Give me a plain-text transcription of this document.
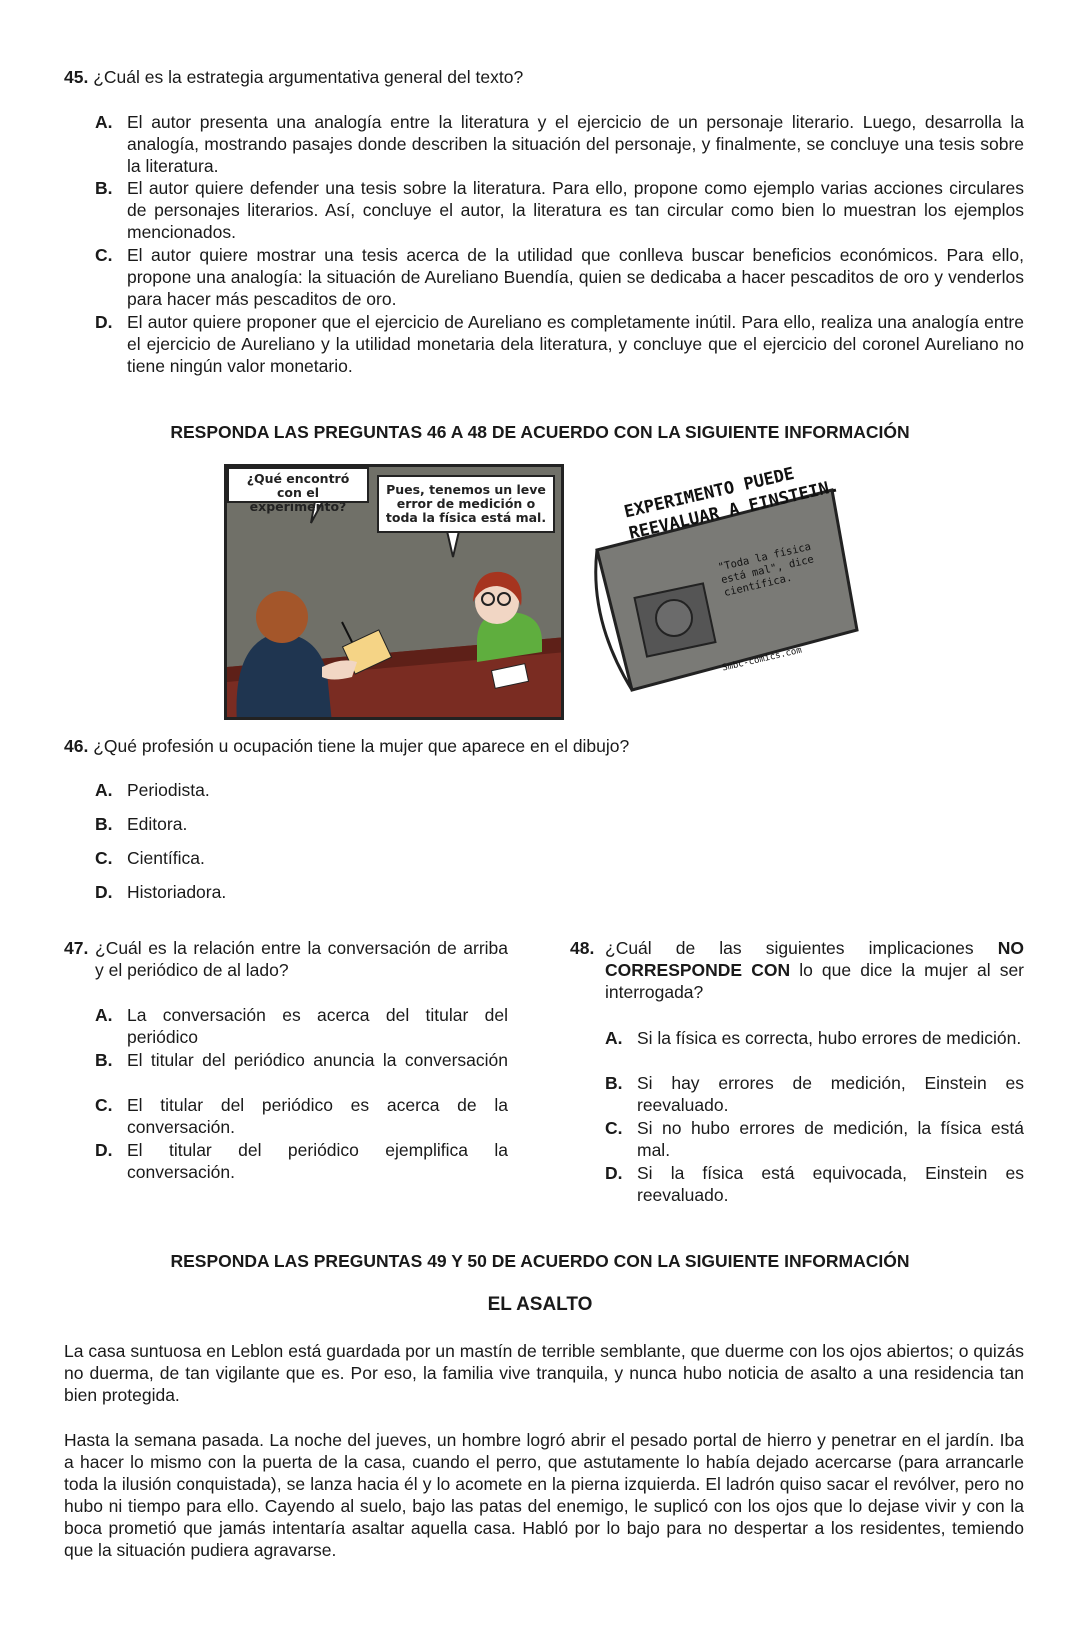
45. ¿Cuál es la estrategia argumentativa general del texto?
A. El autor presenta una analogía entre la literatura y el ejercicio de un personaje literario. Luego, desarrolla la analogía, mostrando pasajes donde describen la situación del personaje, y finalmente, se concluye una tesis sobre la literatura.
B. El autor quiere defender una tesis sobre la literatura. Para ello, propone como ejemplo varias acciones circulares de personajes literarios. Así, concluye el autor, la literatura es tan circular como bien lo muestran los ejemplos mencionados.
C. El autor quiere mostrar una tesis acerca de la utilidad que conlleva buscar beneficios económicos. Para ello, propone una analogía: la situación de Aureliano Buendía, quien se dedicaba a hacer pescaditos de oro y venderlos para hacer más pescaditos de oro.
D. El autor quiere proponer que el ejercicio de Aureliano es completamente inútil. Para ello, realiza una analogía entre el ejercicio de Aureliano y la utilidad monetaria dela literatura, y concluye que el ejercicio del coronel Aureliano no tiene ningún valor monetario.
RESPONDA LAS PREGUNTAS 46 A 48 DE ACUERDO CON LA SIGUIENTE INFORMACIÓN
¿Qué encontró con el experimento?
Pues, tenemos un leve error de medición o toda la física está mal.	EXPERIMENTO PUEDE REEVALUAR A EINSTEIN.
"Toda la física está mal", dice científica.
Smbc-comics.com
46. ¿Qué profesión u ocupación tiene la mujer que aparece en el dibujo?
A. Periodista.
B. Editora.
C. Científica.
D. Historiadora.
47. ¿Cuál es la relación entre la conversación de arriba y el periódico de al lado?
A. La conversación es acerca del titular del periódico
B. El titular del periódico anuncia la conversación
C. El titular del periódico es acerca de la conversación.
D. El titular del periódico ejemplifica la conversación.
48. ¿Cuál de las siguientes implicaciones NO CORRESPONDE CON lo que dice la mujer al ser interrogada?
A. Si la física es correcta, hubo errores de medición.
B. Si hay errores de medición, Einstein es reevaluado.
C. Si no hubo errores de medición, la física está mal.
D. Si la física está equivocada, Einstein es reevaluado.
RESPONDA LAS PREGUNTAS 49 Y 50 DE ACUERDO CON LA SIGUIENTE INFORMACIÓN
EL ASALTO
La casa suntuosa en Leblon está guardada por un mastín de terrible semblante, que duerme con los ojos abiertos; o quizás no duerma, de tan vigilante que es. Por eso, la familia vive tranquila, y nunca hubo noticia de asalto a una residencia tan bien protegida.
Hasta la semana pasada. La noche del jueves, un hombre logró abrir el pesado portal de hierro y penetrar en el jardín. Iba a hacer lo mismo con la puerta de la casa, cuando el perro, que astutamente lo había dejado acercarse (para arrancarle toda la ilusión conquistada), se lanza hacia él y lo acomete en la pierna izquierda. El ladrón quiso sacar el revólver, pero no hubo ni tiempo para ello. Cayendo al suelo, bajo las patas del enemigo, le suplicó con los ojos que lo dejase vivir y con la boca prometió que jamás intentaría asaltar aquella casa. Habló por lo bajo para no despertar a los residentes, temiendo que la situación pudiera agravarse.
